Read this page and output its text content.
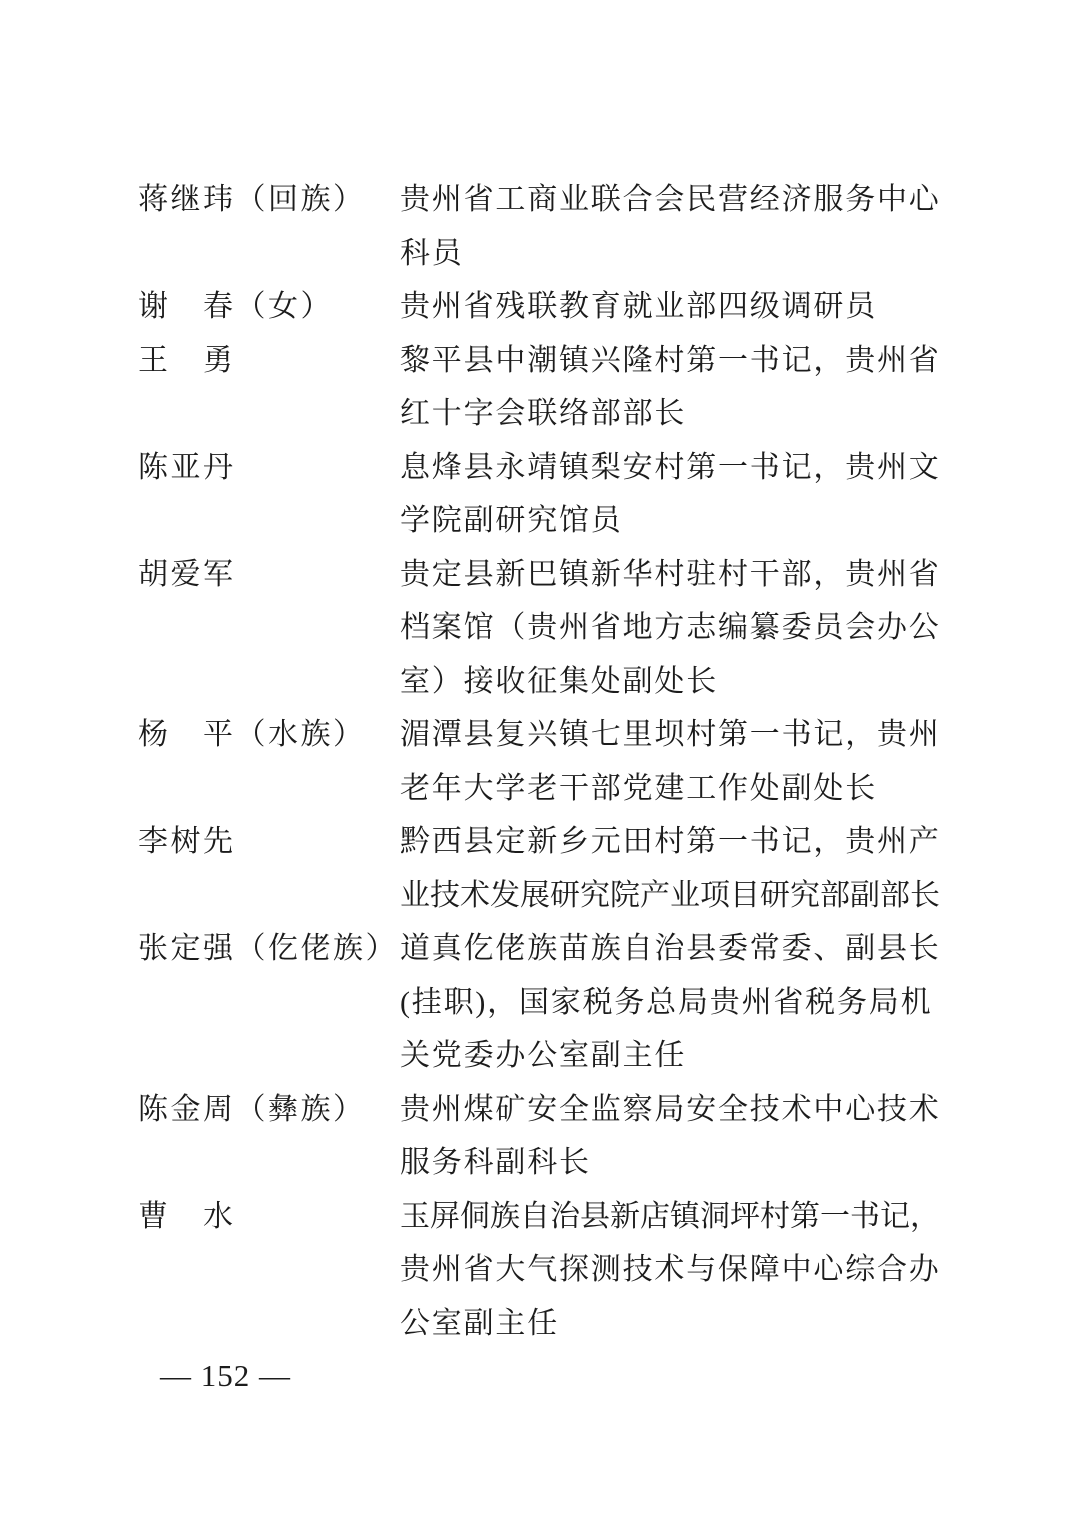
蒋继玮（回族）	贵州省工商业联合会民营经济服务中心
科员
谢　春（女）	贵州省残联教育就业部四级调研员
王　勇	黎平县中潮镇兴隆村第一书记，贵州省
红十字会联络部部长
陈亚丹	息烽县永靖镇梨安村第一书记，贵州文
学院副研究馆员
胡爱军	贵定县新巴镇新华村驻村干部，贵州省
档案馆（贵州省地方志编纂委员会办公
室）接收征集处副处长
杨　平（水族）	湄潭县复兴镇七里坝村第一书记，贵州
老年大学老干部党建工作处副处长
李树先	黔西县定新乡元田村第一书记，贵州产
业技术发展研究院产业项目研究部副部长
张定强（仡佬族） 道真仡佬族苗族自治县委常委、副县长
(挂职)，国家税务总局贵州省税务局机
关党委办公室副主任
陈金周（彝族）	贵州煤矿安全监察局安全技术中心技术
服务科副科长
曹　水	玉屏侗族自治县新店镇洞坪村第一书记，
贵州省大气探测技术与保障中心综合办
公室副主任
— 152 —
